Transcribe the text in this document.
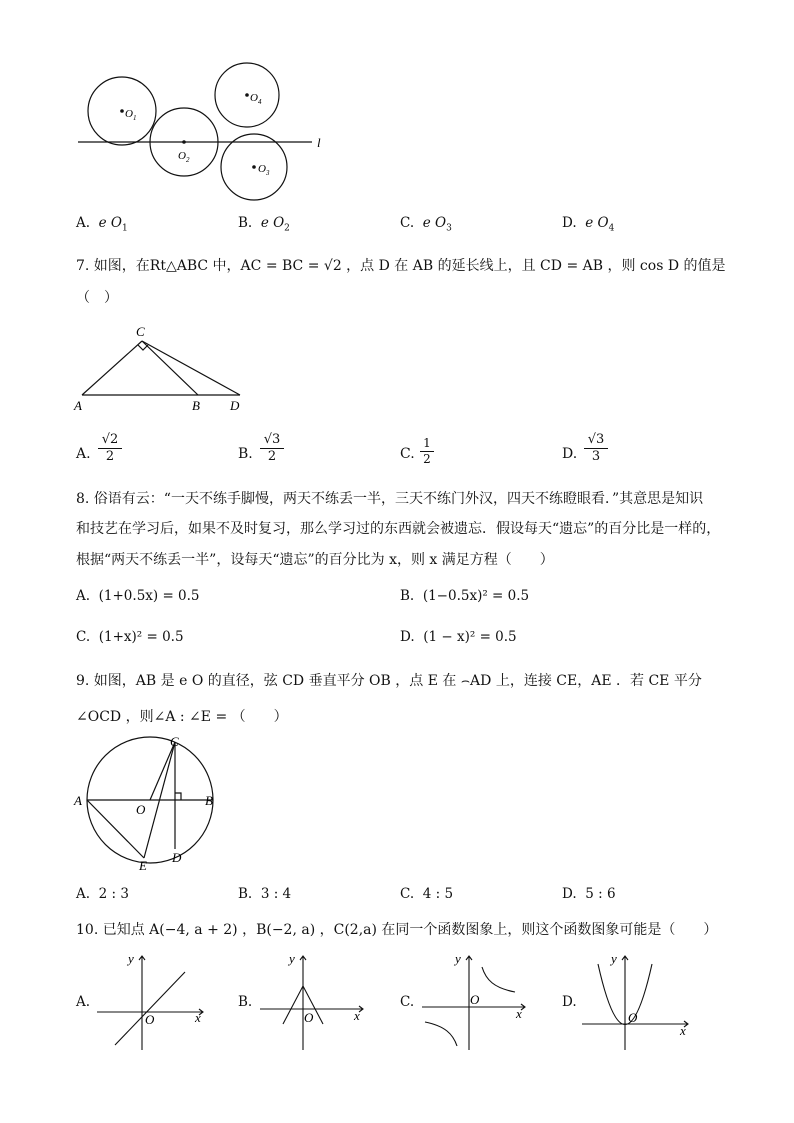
$O_1$
$O_2$
$O_3$
$O_4$
l
A. e $O_1$	B. e $O_2$	C. e $O_3$	D. e $O_4$
7. 如图，在Rt△ABC 中，AC = BC = √2 ，点 D 在 AB 的延长线上，且 CD = AB ，则 cos D 的值是
（　）
C
A	B D
A.
√2
2	B.
√3
2	C.
1
2	D.
√3
3
8. 俗语有云：“一天不练手脚慢，两天不练丢一半，三天不练门外汉，四天不练瞪眼看．”其意思是知识
和技艺在学习后，如果不及时复习，那么学习过的东西就会被遗忘．假设每天“遗忘”的百分比是一样的，
根据“两天不练丢一半”，设每天“遗忘”的百分比为 x，则 x 满足方程（　　）
A. (1+0.5x) = 0.5	B. (1−0.5x)² = 0.5
C. (1+x)² = 0.5	D. (1 − x)² = 0.5
9. 如图，AB 是 e O 的直径，弦 CD 垂直平分 OB ，点 E 在 ⌢AD 上，连接 CE，AE ．若 CE 平分
∠OCD ，则∠A : ∠E = （　　）
C
A	B
O
D
E
A. 2 : 3	B. 3 : 4	C. 4 : 5	D. 5 : 6
10. 已知点 A(−4, a + 2) ，B(−2, a) ，C(2,a) 在同一个函数图象上，则这个函数图象可能是（　　）
A.
y
x
O
B.
y
x
O
C.
y
x
O	D.
y
x
O
